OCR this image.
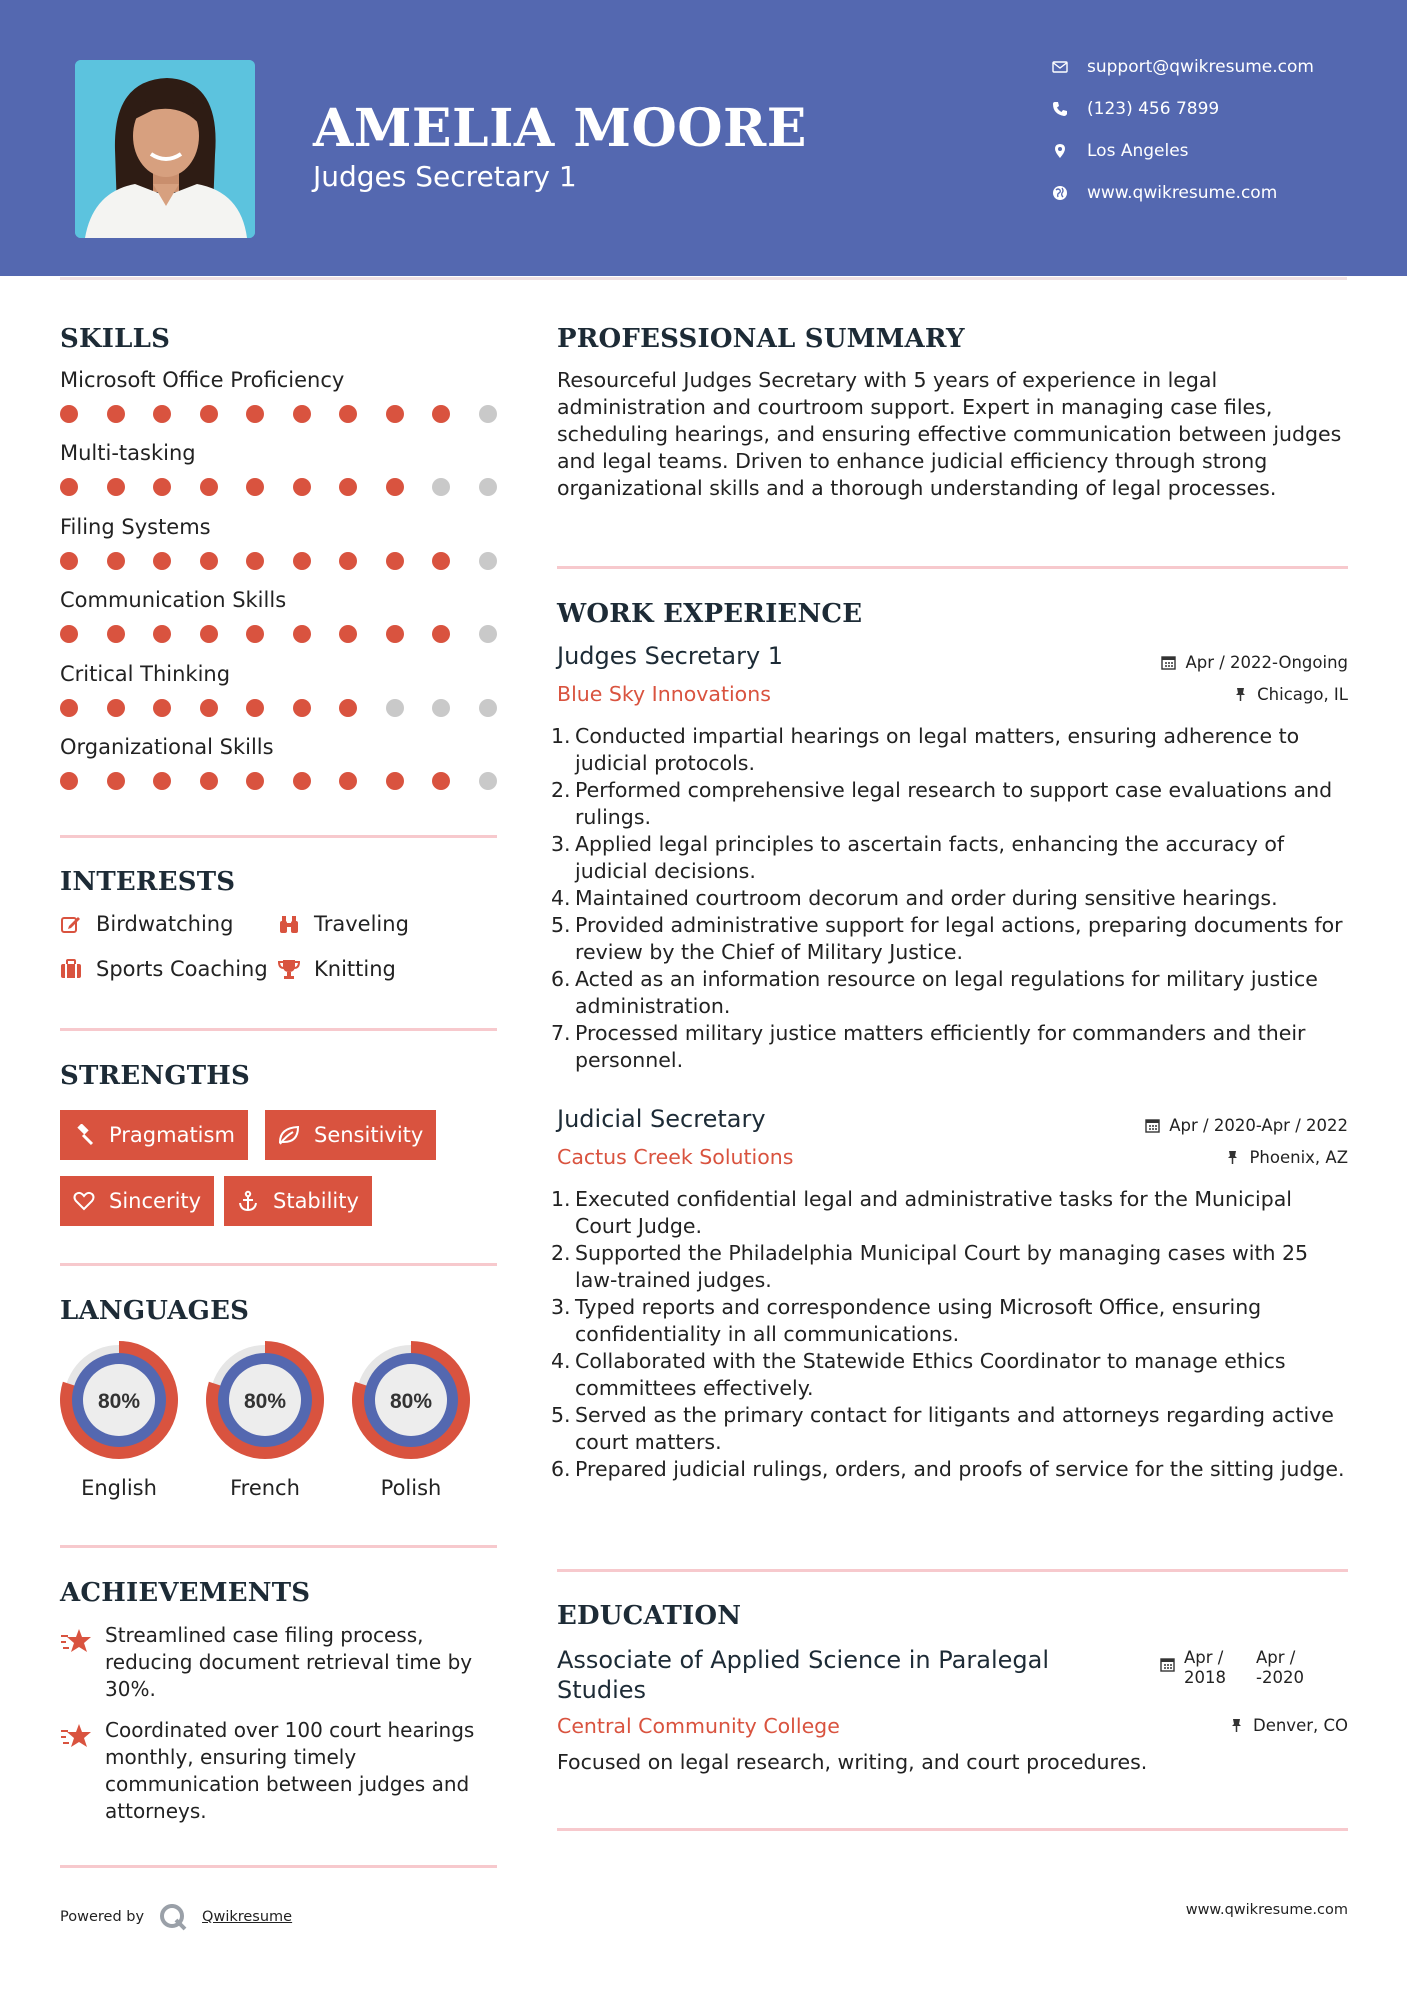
AMELIA MOORE
Judges Secretary 1
support@qwikresume.com
(123) 456 7899
Los Angeles
www.qwikresume.com
SKILLS
Microsoft Office Proficiency
Multi-tasking
Filing Systems
Communication Skills
Critical Thinking
Organizational Skills
INTERESTS
Birdwatching	Traveling
Sports Coaching Knitting
STRENGTHS
Pragmatism	Sensitivity
Sincerity	Stability
LANGUAGES
80%
English
80%
French
80%
Polish
ACHIEVEMENTS
Streamlined case filing process, reducing document retrieval time by 30%.
Coordinated over 100 court hearings monthly, ensuring timely communication between judges and attorneys.
PROFESSIONAL SUMMARY
Resourceful Judges Secretary with 5 years of experience in legal administration and courtroom support. Expert in managing case files, scheduling hearings, and ensuring effective communication between judges and legal teams. Driven to enhance judicial efficiency through strong organizational skills and a thorough understanding of legal processes.
WORK EXPERIENCE
Judges Secretary 1	Apr / 2022-Ongoing
Blue Sky Innovations	Chicago, IL
1. Conducted impartial hearings on legal matters, ensuring adherence to judicial protocols.
2. Performed comprehensive legal research to support case evaluations and rulings.
3. Applied legal principles to ascertain facts, enhancing the accuracy of judicial decisions.
4. Maintained courtroom decorum and order during sensitive hearings.
5. Provided administrative support for legal actions, preparing documents for review by the Chief of Military Justice.
6. Acted as an information resource on legal regulations for military justice administration.
7. Processed military justice matters efficiently for commanders and their personnel.
Judicial Secretary	Apr / 2020-Apr / 2022
Cactus Creek Solutions	Phoenix, AZ
1. Executed confidential legal and administrative tasks for the Municipal Court Judge.
2. Supported the Philadelphia Municipal Court by managing cases with 25 law-trained judges.
3. Typed reports and correspondence using Microsoft Office, ensuring confidentiality in all communications.
4. Collaborated with the Statewide Ethics Coordinator to manage ethics committees effectively.
5. Served as the primary contact for litigants and attorneys regarding active court matters.
6. Prepared judicial rulings, orders, and proofs of service for the sitting judge.
EDUCATION
Associate of Applied Science in Paralegal
Studies
Apr /
2018
Apr /
-2020
Central Community College	Denver, CO
Focused on legal research, writing, and court procedures.
Powered by	Qwikresume	www.qwikresume.com
